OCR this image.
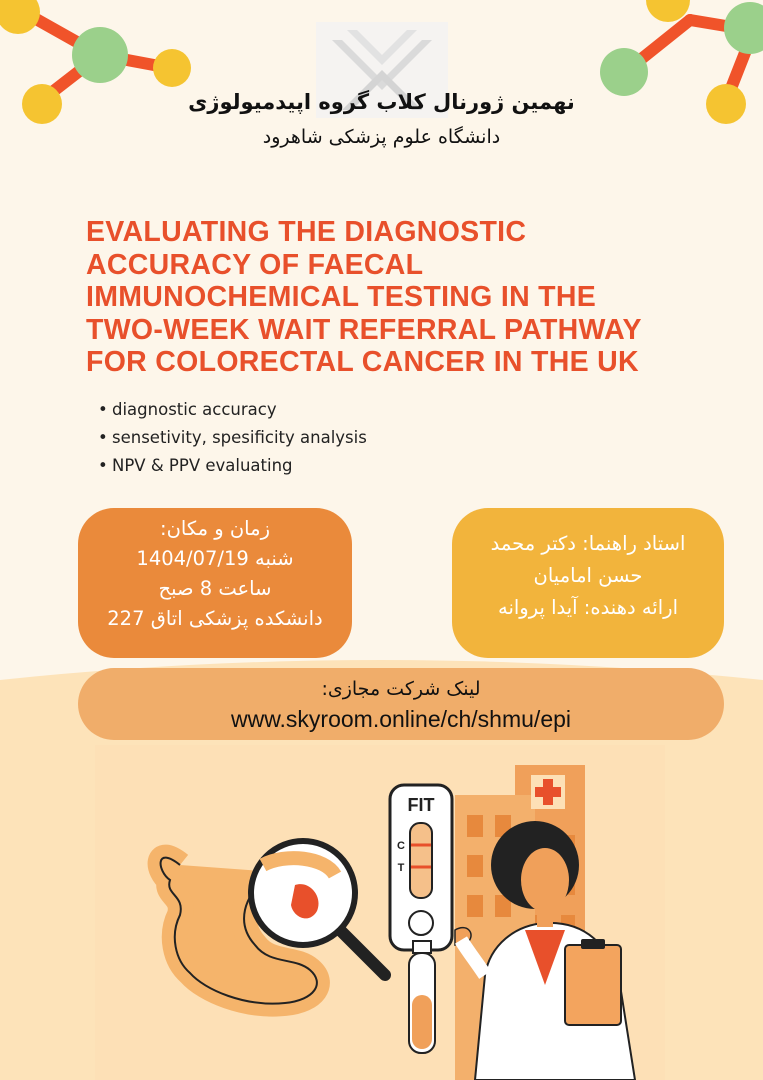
نهمین ژورنال کلاب گروه اپیدمیولوژی
دانشگاه علوم پزشکی شاهرود
EVALUATING THE DIAGNOSTIC
ACCURACY OF FAECAL
IMMUNOCHEMICAL TESTING IN THE
TWO-WEEK WAIT REFERRAL PATHWAY
FOR COLORECTAL CANCER IN THE UK
• diagnostic accuracy
• sensetivity, spesificity analysis
• NPV & PPV evaluating
زمان و مکان:
شنبه 1404/07/19
ساعت 8 صبح
دانشکده پزشکی اتاق 227
استاد راهنما: دکتر محمد
حسن امامیان
ارائه دهنده: آیدا پروانه
لینک شرکت مجازی:
www.skyroom.online/ch/shmu/epi
FIT
C
T
